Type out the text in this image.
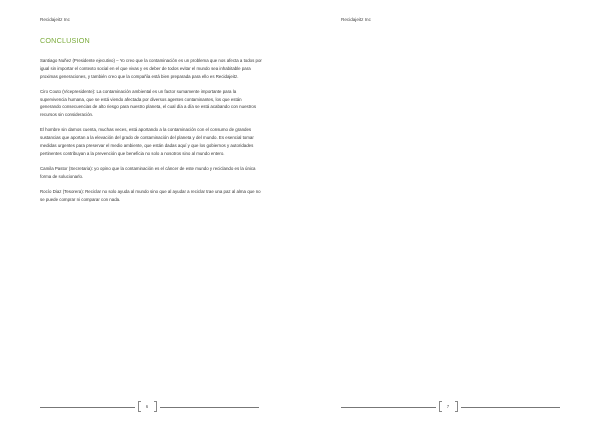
Recidajeitz Inc
CONCLUSION

Santiago Nuñez (Presidente ejecutivo) – Yo creo que la contaminación es un problema que nos afecta a todos por igual sin importar el contexto social en el que vivas y es deber de todos evitar el mundo sea inhabitable para proximas generaciones, y también creo que la compañía está bien preparada para ello es Recidajeitz.

Ciro Couto (Vicepresidente): La contaminación ambiental es un factor sumamente importante para la supervivencia humana, que se está viendo afectada por diversos agentes contaminantes, los que están generando consecuencias de alto riesgo para nuestro planeta, el cual día a día se está acabando con nuestros recursos sin consideración.

El hombre sin darnos cuenta, muchas veces, está aportando a la contaminación con el consumo de grandes sustancias que aportan a la elevación del grado de contaminación del planeta y del mundo. Es esencial tomar medidas urgentes para preservar el medio ambiente, que están dadas aquí y que los gobiernos y autoridades pertinentes contribuyan a la prevención que beneficia no solo a nosotros sino al mundo entero.

Camila Pastor (Secretaria): yo opino que la contaminación es el cáncer de este mundo y reciclando es la única forma de solucionarlo.

Rocío Diaz (Tesorera): Reciclar no solo ayuda al mundo sino que al ayudar a reciclar trae una paz al alma que no se puede comprar ni comparar con nada.

6
Recidajeitz Inc
7
